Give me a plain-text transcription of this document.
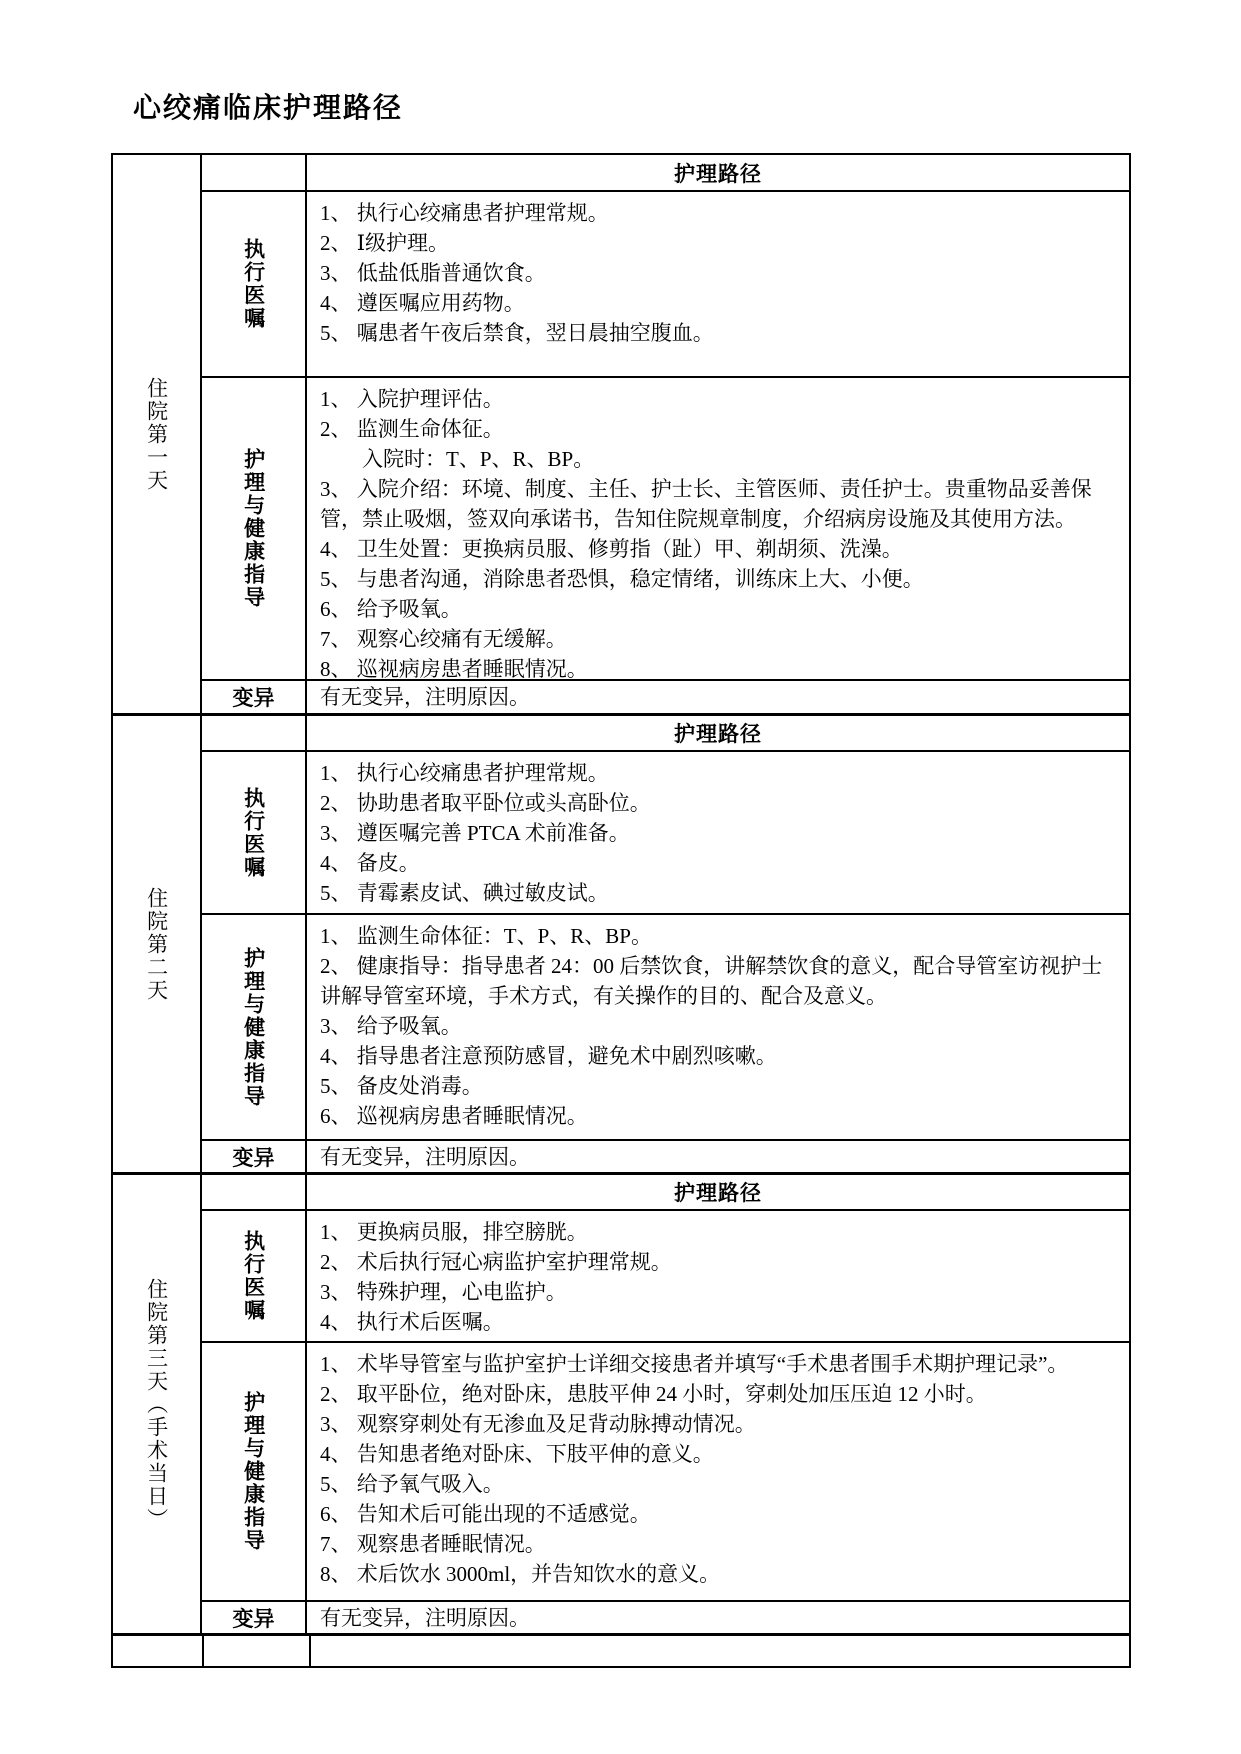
心绞痛临床护理路径
住院第一天
护理路径
执行医嘱
1、 执行心绞痛患者护理常规。
2、 Ⅰ级护理。
3、 低盐低脂普通饮食。
4、 遵医嘱应用药物。
5、 嘱患者午夜后禁食，翌日晨抽空腹血。
护理与健康指导
1、 入院护理评估。
2、 监测生命体征。
　　入院时：T、P、R、BP。
3、 入院介绍：环境、制度、主任、护士长、主管医师、责任护士。贵重物品妥善保管，禁止吸烟，签双向承诺书，告知住院规章制度，介绍病房设施及其使用方法。
4、 卫生处置：更换病员服、修剪指（趾）甲、剃胡须、洗澡。
5、 与患者沟通，消除患者恐惧，稳定情绪，训练床上大、小便。
6、 给予吸氧。
7、 观察心绞痛有无缓解。
8、 巡视病房患者睡眠情况。
变异	有无变异，注明原因。
住院第二天
护理路径
执行医嘱
1、 执行心绞痛患者护理常规。
2、 协助患者取平卧位或头高卧位。
3、 遵医嘱完善 PTCA 术前准备。
4、 备皮。
5、 青霉素皮试、碘过敏皮试。
护理与健康指导
1、 监测生命体征：T、P、R、BP。
2、 健康指导：指导患者 24：00 后禁饮食，讲解禁饮食的意义，配合导管室访视护士讲解导管室环境，手术方式，有关操作的目的、配合及意义。
3、 给予吸氧。
4、 指导患者注意预防感冒，避免术中剧烈咳嗽。
5、 备皮处消毒。
6、 巡视病房患者睡眠情况。
变异	有无变异，注明原因。
住院第三天（手术当日）
护理路径
执行医嘱	1、 更换病员服，排空膀胱。
2、 术后执行冠心病监护室护理常规。
3、 特殊护理，心电监护。
4、 执行术后医嘱。
护理与健康指导
1、 术毕导管室与监护室护士详细交接患者并填写“手术患者围手术期护理记录”。
2、 取平卧位，绝对卧床，患肢平伸 24 小时，穿刺处加压压迫 12 小时。
3、 观察穿刺处有无渗血及足背动脉搏动情况。
4、 告知患者绝对卧床、下肢平伸的意义。
5、 给予氧气吸入。
6、 告知术后可能出现的不适感觉。
7、 观察患者睡眠情况。
8、 术后饮水 3000ml，并告知饮水的意义。
变异	有无变异，注明原因。
